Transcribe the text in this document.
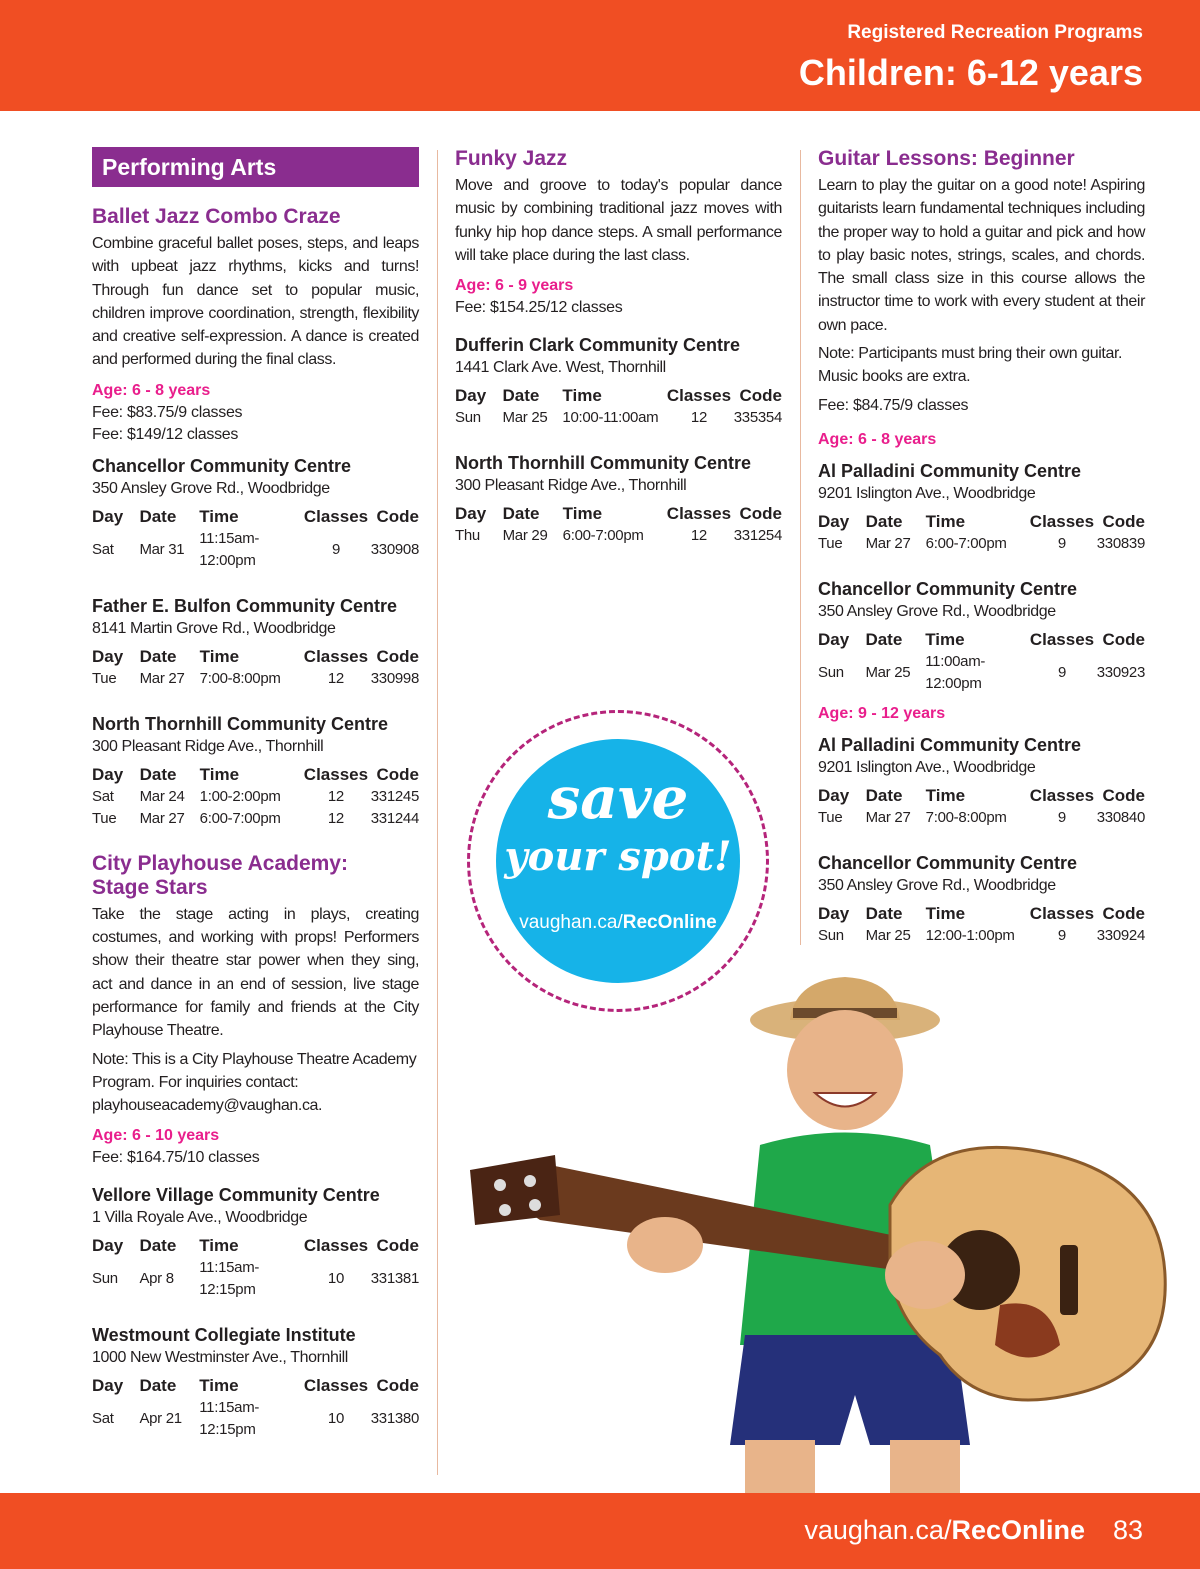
Registered Recreation Programs
Children: 6-12 years
Performing Arts
Ballet Jazz Combo Craze
Combine graceful ballet poses, steps, and leaps with upbeat jazz rhythms, kicks and turns! Through fun dance set to popular music, children improve coordination, strength, flexibility and creative self-expression. A dance is created and performed during the final class.
Age: 6 - 8 years
Fee: $83.75/9 classes
Fee: $149/12 classes
Chancellor Community Centre
350 Ansley Grove Rd., Woodbridge
Day	Date	Time	Classes	Code
Sat	Mar 31	11:15am-12:00pm	9	330908
Father E. Bulfon Community Centre
8141 Martin Grove Rd., Woodbridge
Day	Date	Time	Classes	Code
Tue	Mar 27	7:00-8:00pm	12	330998
North Thornhill Community Centre
300 Pleasant Ridge Ave., Thornhill
Day	Date	Time	Classes	Code
Sat	Mar 24	1:00-2:00pm	12	331245
Tue	Mar 27	6:00-7:00pm	12	331244
City Playhouse Academy:
Stage Stars
Take the stage acting in plays, creating costumes, and working with props! Performers show their theatre star power when they sing, act and dance in an end of session, live stage performance for family and friends at the City Playhouse Theatre.
Note: This is a City Playhouse Theatre Academy Program. For inquiries contact: playhouseacademy@vaughan.ca.
Age: 6 - 10 years
Fee: $164.75/10 classes
Vellore Village Community Centre
1 Villa Royale Ave., Woodbridge
Day	Date	Time	Classes	Code
Sun	Apr 8	11:15am-12:15pm	10	331381
Westmount Collegiate Institute
1000 New Westminster Ave., Thornhill
Day	Date	Time	Classes	Code
Sat	Apr 21	11:15am-12:15pm	10	331380
Funky Jazz
Move and groove to today's popular dance music by combining traditional jazz moves with funky hip hop dance steps. A small performance will take place during the last class.
Age: 6 - 9 years
Fee: $154.25/12 classes
Dufferin Clark Community Centre
1441 Clark Ave. West, Thornhill
Day	Date	Time	Classes	Code
Sun	Mar 25	10:00-11:00am	12	335354
North Thornhill Community Centre
300 Pleasant Ridge Ave., Thornhill
Day	Date	Time	Classes	Code
Thu	Mar 29	6:00-7:00pm	12	331254
Guitar Lessons: Beginner
Learn to play the guitar on a good note! Aspiring guitarists learn fundamental techniques including the proper way to hold a guitar and pick and how to play basic notes, strings, scales, and chords. The small class size in this course allows the instructor time to work with every student at their own pace.
Note: Participants must bring their own guitar. Music books are extra.
Fee: $84.75/9 classes
Age: 6 - 8 years
Al Palladini Community Centre
9201 Islington Ave., Woodbridge
Day	Date	Time	Classes	Code
Tue	Mar 27	6:00-7:00pm	9	330839
Chancellor Community Centre
350 Ansley Grove Rd., Woodbridge
Day	Date	Time	Classes	Code
Sun	Mar 25	11:00am-12:00pm	9	330923
Age: 9 - 12 years
Al Palladini Community Centre
9201 Islington Ave., Woodbridge
Day	Date	Time	Classes	Code
Tue	Mar 27	7:00-8:00pm	9	330840
Chancellor Community Centre
350 Ansley Grove Rd., Woodbridge
Day	Date	Time	Classes	Code
Sun	Mar 25	12:00-1:00pm	9	330924
save
your spot!
vaughan.ca/RecOnline
vaughan.ca/RecOnline 83
